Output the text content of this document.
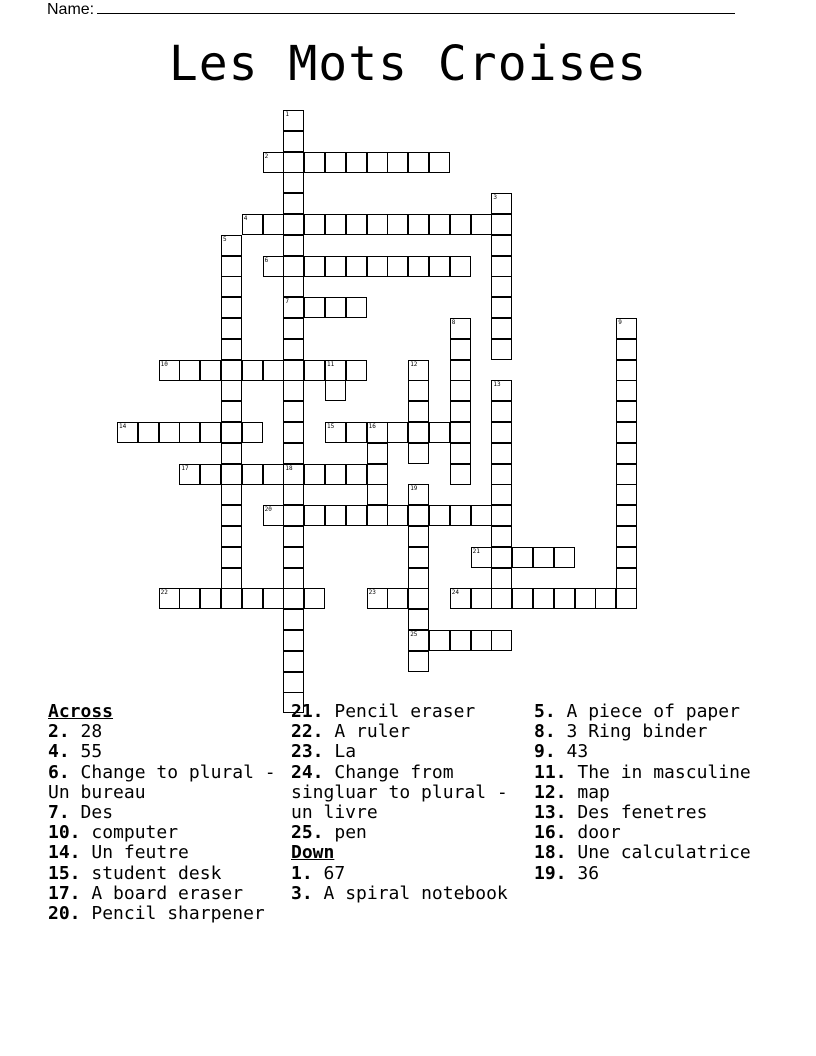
Name:
Les Mots Croises
1
7
18
2
3
4
5
6
8	9
10	11	12
13
14	15	16
17
19
25
20
21
22	23	24
Across
2. 28
4. 55
6. Change to plural - Un bureau
7. Des
10. computer
14. Un feutre
15. student desk
17. A board eraser
20. Pencil sharpener
21. Pencil eraser
22. A ruler
23. La
24. Change from singluar to plural - un livre
25. pen
Down
1. 67
3. A spiral notebook
5. A piece of paper
8. 3 Ring binder
9. 43
11. The in masculine
12. map
13. Des fenetres
16. door
18. Une calculatrice
19. 36
